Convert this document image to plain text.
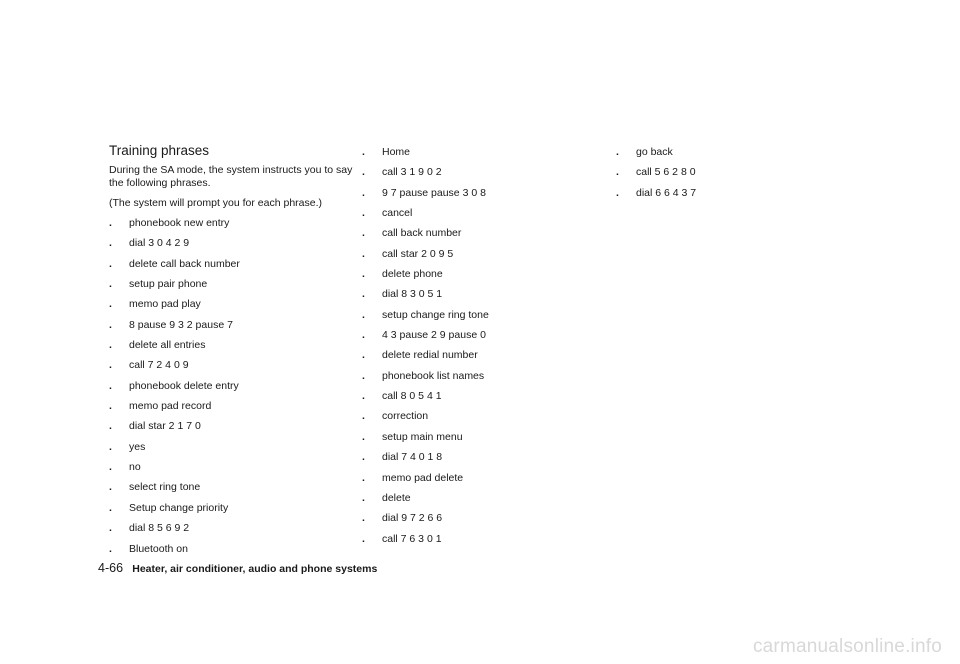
Training phrases

During the SA mode, the system instructs you to say the following phrases.

(The system will prompt you for each phrase.)

. phonebook new entry
. dial 3 0 4 2 9
. delete call back number
. setup pair phone
. memo pad play
. 8 pause 9 3 2 pause 7
. delete all entries
. call 7 2 4 0 9
. phonebook delete entry
. memo pad record
. dial star 2 1 7 0
. yes
. no
. select ring tone
. Setup change priority
. dial 8 5 6 9 2
. Bluetooth on
. Home
. call 3 1 9 0 2
. 9 7 pause pause 3 0 8
. cancel
. call back number
. call star 2 0 9 5
. delete phone
. dial 8 3 0 5 1
. setup change ring tone
. 4 3 pause 2 9 pause 0
. delete redial number
. phonebook list names
. call 8 0 5 4 1
. correction
. setup main menu
. dial 7 4 0 1 8
. memo pad delete
. delete
. dial 9 7 2 6 6
. call 7 6 3 0 1
. go back
. call 5 6 2 8 0
. dial 6 6 4 3 7
4-66 Heater, air conditioner, audio and phone systems
carmanualsonline.info
